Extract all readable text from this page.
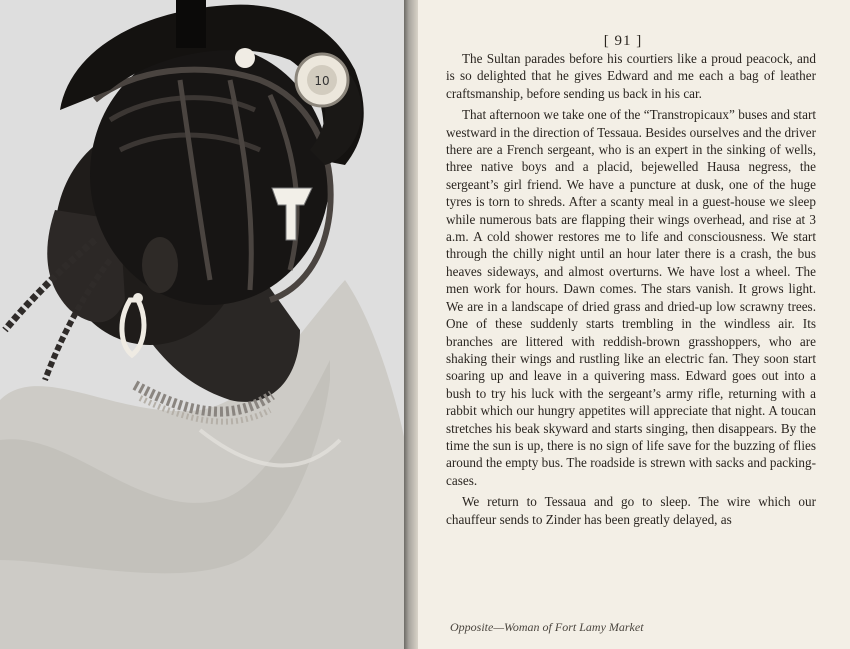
10
[ 91 ]

The Sultan parades before his courtiers like a proud peacock, and is so delighted that he gives Edward and me each a bag of leather craftsmanship, before sending us back in his car.

That afternoon we take one of the “Transtropicaux” buses and start westward in the direction of Tessaua. Besides ourselves and the driver there are a French sergeant, who is an expert in the sinking of wells, three native boys and a placid, bejewelled Hausa negress, the sergeant’s girl friend. We have a puncture at dusk, one of the huge tyres is torn to shreds. After a scanty meal in a guest-house we sleep while numerous bats are flapping their wings overhead, and rise at 3 a.m. A cold shower restores me to life and consciousness. We start through the chilly night until an hour later there is a crash, the bus heaves sideways, and almost overturns. We have lost a wheel. The men work for hours. Dawn comes. The stars vanish. It grows light. We are in a landscape of dried grass and dried-up low scrawny trees. One of these suddenly starts trembling in the windless air. Its branches are littered with reddish-brown grasshoppers, who are shaking their wings and rustling like an electric fan. They soon start soaring up and leave in a quivering mass. Edward goes out into a bush to try his luck with the sergeant’s army rifle, returning with a rabbit which our hungry appetites will appreciate that night. A toucan stretches his beak skyward and starts singing, then disappears. By the time the sun is up, there is no sign of life save for the buzzing of flies around the empty bus. The roadside is strewn with sacks and packing-cases.

We return to Tessaua and go to sleep. The wire which our chauffeur sends to Zinder has been greatly delayed, as

Opposite—Woman of Fort Lamy Market
